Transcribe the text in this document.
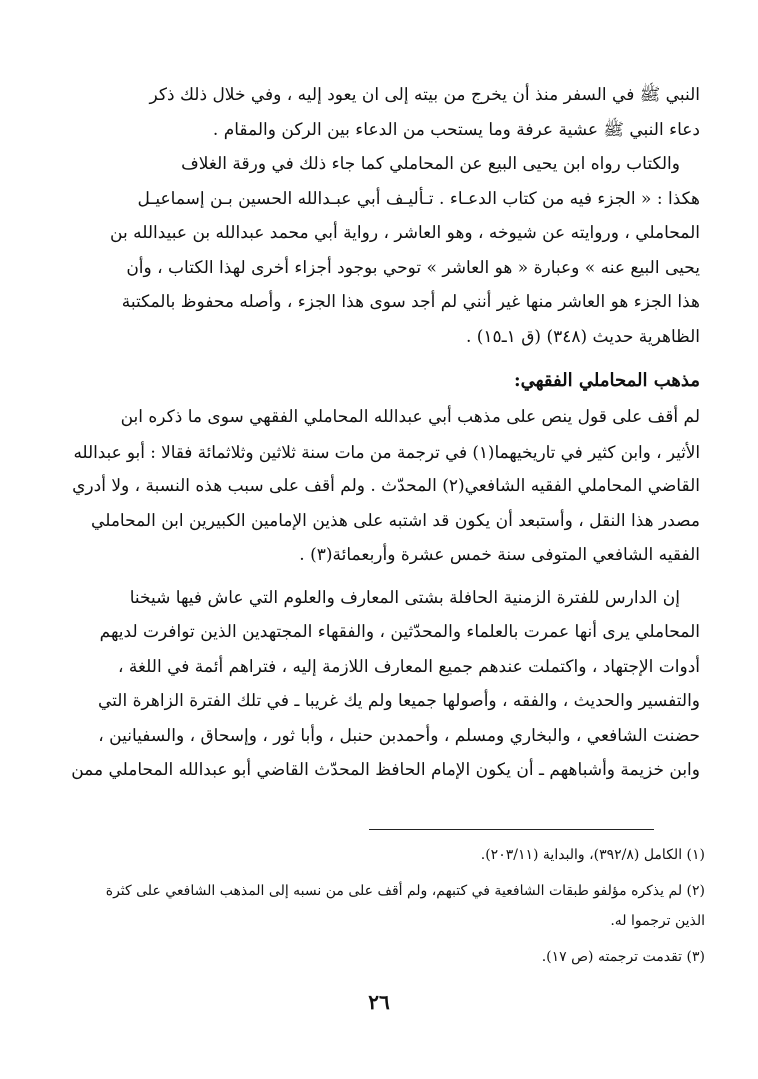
النبي ﷺ في السفر منذ أن يخرج من بيته إلى ان يعود إليه ، وفي خلال ذلك ذكر

دعاء النبي ﷺ عشية عرفة وما يستحب من الدعاء بين الركن والمقام .

والكتاب رواه ابن يحيى البيع عن المحاملي كما جاء ذلك في ورقة الغلاف

هكذا : « الجزء فيه من كتاب الدعـاء . تـأليـف أبي عبـدالله الحسين بـن إسماعيـل

المحاملي ، وروايته عن شيوخه ، وهو العاشر ، رواية أبي محمد عبدالله بن عبيدالله بن

يحيى البيع عنه » وعبارة « هو العاشر » توحي بوجود أجزاء أخرى لهذا الكتاب ، وأن

هذا الجزء هو العاشر منها غير أنني لم أجد سوى هذا الجزء ، وأصله محفوظ بالمكتبة

الظاهرية حديث (٣٤٨) (ق ١ـ١٥) .

مذهب المحاملي الفقهي:

لم أقف على قول ينص على مذهب أبي عبدالله المحاملي الفقهي سوى ما ذكره ابن

الأثير ، وابن كثير في تاريخيهما(١) في ترجمة من مات سنة ثلاثين وثلاثمائة فقالا : أبو عبدالله

القاضي المحاملي الفقيه الشافعي(٢) المحدّث . ولم أقف على سبب هذه النسبة ، ولا أدري

مصدر هذا النقل ، وأستبعد أن يكون قد اشتبه على هذين الإمامين الكبيرين ابن المحاملي

الفقيه الشافعي المتوفى سنة خمس عشرة وأربعمائة(٣) .

إن الدارس للفترة الزمنية الحافلة بشتى المعارف والعلوم التي عاش فيها شيخنا

المحاملي يرى أنها عمرت بالعلماء والمحدّثين ، والفقهاء المجتهدين الذين توافرت لديهم

أدوات الإجتهاد ، واكتملت عندهم جميع المعارف اللازمة إليه ، فتراهم أئمة في اللغة ،

والتفسير والحديث ، والفقه ، وأصولها جميعا ولم يك غريبا ـ في تلك الفترة الزاهرة التي

حضنت الشافعي ، والبخاري ومسلم ، وأحمدبن حنبل ، وأبا ثور ، وإسحاق ، والسفيانين ،

وابن خزيمة وأشباههم ـ أن يكون الإمام الحافظ المحدّث القاضي أبو عبدالله المحاملي ممن

(١) الكامل (٣٩٢/٨)، والبداية (٢٠٣/١١).

(٢) لم يذكره مؤلفو طبقات الشافعية في كتبهم، ولم أقف على من نسبه إلى المذهب الشافعي على كثرة

الذين ترجموا له.

(٣) تقدمت ترجمته (ص ١٧).

٢٦
